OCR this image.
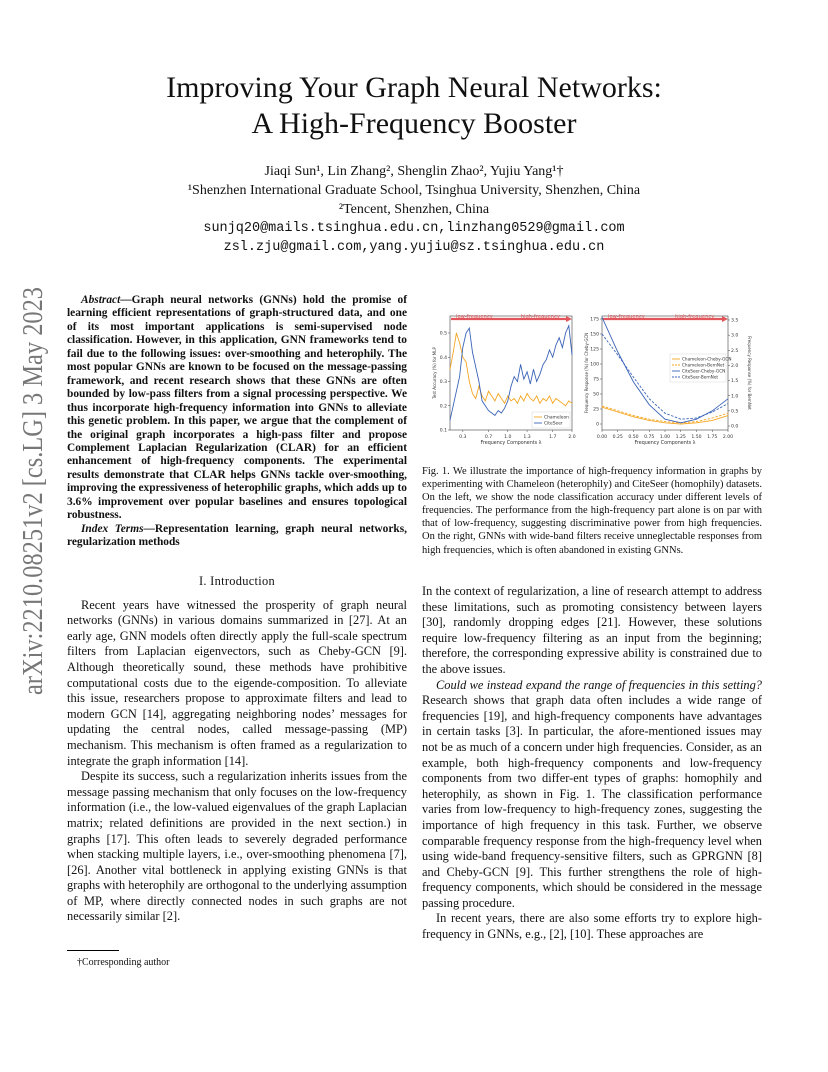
Improving Your Graph Neural Networks:
A High-Frequency Booster
Jiaqi Sun¹, Lin Zhang², Shenglin Zhao², Yujiu Yang¹†
¹Shenzhen International Graduate School, Tsinghua University, Shenzhen, China
²Tencent, Shenzhen, China
sunjq20@mails.tsinghua.edu.cn,linzhang0529@gmail.com
zsl.zju@gmail.com,yang.yujiu@sz.tsinghua.edu.cn
arXiv:2210.08251v2 [cs.LG] 3 May 2023	Abstract—Graph neural networks (GNNs) hold the promise of learning efficient representations of graph-structured data, and one of its most important applications is semi-supervised node classification. However, in this application, GNN frameworks tend to fail due to the following issues: over-smoothing and heterophily. The most popular GNNs are known to be focused on the message-passing framework, and recent research shows that these GNNs are often bounded by low-pass filters from a signal processing perspective. We thus incorporate high-frequency information into GNNs to alleviate this genetic problem. In this paper, we argue that the complement of the original graph incorporates a high-pass filter and propose Complement Laplacian Regularization (CLAR) for an efficient enhancement of high-frequency components. The experimental results demonstrate that CLAR helps GNNs tackle over-smoothing, improving the expressiveness of heterophilic graphs, which adds up to 3.6% improvement over popular baselines and ensures topological robustness.

Index Terms—Representation learning, graph neural networks, regularization methods

I. Introduction

Recent years have witnessed the prosperity of graph neural networks (GNNs) in various domains summarized in [27]. At an early age, GNN models often directly apply the full-scale spectrum filters from Laplacian eigenvectors, such as Cheby-GCN [9]. Although theoretically sound, these methods have prohibitive computational costs due to the eigende-composition. To alleviate this issue, researchers propose to approximate filters and lead to modern GCN [14], aggregating neighboring nodes’ messages for updating the central nodes, called message-passing (MP) mechanism. This mechanism is often framed as a regularization to integrate the graph information [14].

Despite its success, such a regularization inherits issues from the message passing mechanism that only focuses on the low-frequency information (i.e., the low-valued eigenvalues of the graph Laplacian matrix; related definitions are provided in the next section.) in graphs [17]. This often leads to severely degraded performance when stacking multiple layers, i.e., over-smoothing phenomena [7], [26]. Another vital bottleneck in applying existing GNNs is that graphs with heterophily are orthogonal to the underlying assumption of MP, where directly connected nodes in such graphs are not necessarily similar [2].

†Corresponding author
low-frequency	high-frequency
0.3	0.7	1.0	1.3	1.7	2.0
0.1
0.2
0.3
0.4
0.5
Frequency Components λ
Test Accuracy (%) for MLP
low-frequency	high-frequency
0.00 0.25 0.50 0.75 1.00 1.25 1.50 1.75 2.00
0
25
50
75
100
125
150
175
0.0
0.5
1.0
1.5
2.0
2.5
3.0
3.5
Frequency Response (%) for BernNet
Frequency Components λ
Frequency Response (%) for Cheby-GCN
Chameleon
CiteSeer
Chameleon-Cheby-GCN
Chameleon-BernNet
CiteSeer-Cheby-GCN
CiteSeer-BernNet
Fig. 1. We illustrate the importance of high-frequency information in graphs by experimenting with Chameleon (heterophily) and CiteSeer (homophily) datasets. On the left, we show the node classification accuracy under different levels of frequencies. The performance from the high-frequency part alone is on par with that of low-frequency, suggesting discriminative power from high frequencies. On the right, GNNs with wide-band filters receive unneglectable responses from high frequencies, which is often abandoned in existing GNNs.

In the context of regularization, a line of research attempt to address these limitations, such as promoting consistency between layers [30], randomly dropping edges [21]. However, these solutions require low-frequency filtering as an input from the beginning; therefore, the corresponding expressive ability is constrained due to the above issues.

Could we instead expand the range of frequencies in this setting? Research shows that graph data often includes a wide range of frequencies [19], and high-frequency components have advantages in certain tasks [3]. In particular, the afore-mentioned issues may not be as much of a concern under high frequencies. Consider, as an example, both high-frequency components and low-frequency components from two differ-ent types of graphs: homophily and heterophily, as shown in Fig. 1. The classification performance varies from low-frequency to high-frequency zones, suggesting the importance of high frequency in this task. Further, we observe comparable frequency response from the high-frequency level when using wide-band frequency-sensitive filters, such as GPRGNN [8] and Cheby-GCN [9]. This further strengthens the role of high-frequency components, which should be considered in the message passing procedure.

In recent years, there are also some efforts try to explore high-frequency in GNNs, e.g., [2], [10]. These approaches are
